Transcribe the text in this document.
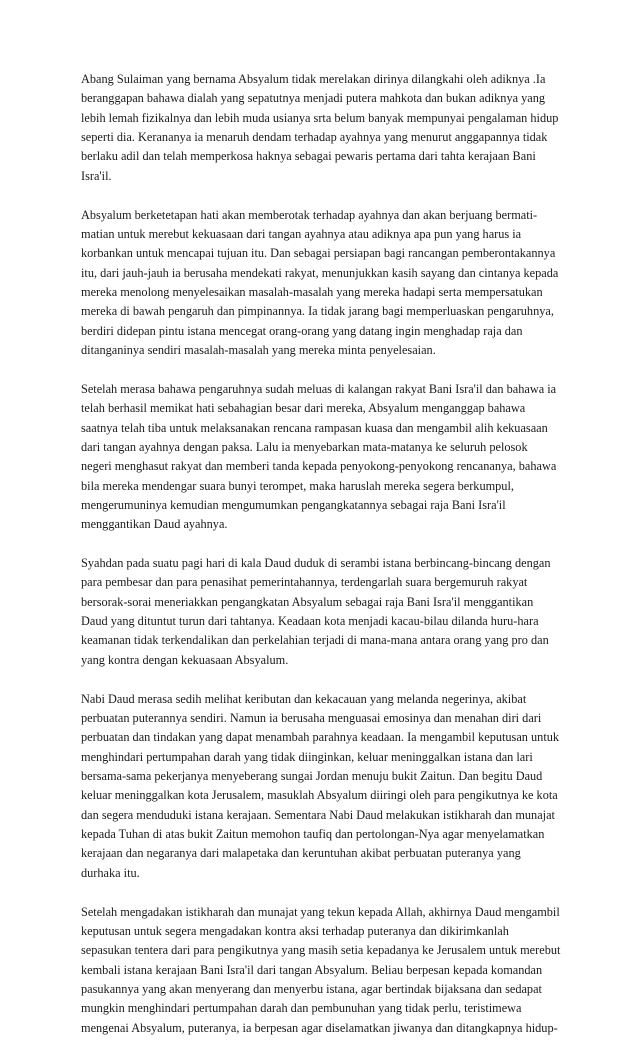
Abang Sulaiman yang bernama Absyalum tidak merelakan dirinya dilangkahi oleh adiknya .Ia
beranggapan bahawa dialah yang sepatutnya menjadi putera mahkota dan bukan adiknya yang
lebih lemah fizikalnya dan lebih muda usianya srta belum banyak mempunyai pengalaman hidup
seperti dia. Kerananya ia menaruh dendam terhadap ayahnya yang menurut anggapannya tidak
berlaku adil dan telah memperkosa haknya sebagai pewaris pertama dari tahta kerajaan Bani
Isra'il.

Absyalum berketetapan hati akan memberotak terhadap ayahnya dan akan berjuang bermati-
matian untuk merebut kekuasaan dari tangan ayahnya atau adiknya apa pun yang harus ia
korbankan untuk mencapai tujuan itu. Dan sebagai persiapan bagi rancangan pemberontakannya
itu, dari jauh-jauh ia berusaha mendekati rakyat, menunjukkan kasih sayang dan cintanya kepada
mereka menolong menyelesaikan masalah-masalah yang mereka hadapi serta mempersatukan
mereka di bawah pengaruh dan pimpinannya. Ia tidak jarang bagi memperluaskan pengaruhnya,
berdiri didepan pintu istana mencegat orang-orang yang datang ingin menghadap raja dan
ditanganinya sendiri masalah-masalah yang mereka minta penyelesaian.

Setelah merasa bahawa pengaruhnya sudah meluas di kalangan rakyat Bani Isra'il dan bahawa ia
telah berhasil memikat hati sebahagian besar dari mereka, Absyalum menganggap bahawa
saatnya telah tiba untuk melaksanakan rencana rampasan kuasa dan mengambil alih kekuasaan
dari tangan ayahnya dengan paksa. Lalu ia menyebarkan mata-matanya ke seluruh pelosok
negeri menghasut rakyat dan memberi tanda kepada penyokong-penyokong rencananya, bahawa
bila mereka mendengar suara bunyi terompet, maka haruslah mereka segera berkumpul,
mengerumuninya kemudian mengumumkan pengangkatannya sebagai raja Bani Isra'il
menggantikan Daud ayahnya.

Syahdan pada suatu pagi hari di kala Daud duduk di serambi istana berbincang-bincang dengan
para pembesar dan para penasihat pemerintahannya, terdengarlah suara bergemuruh rakyat
bersorak-sorai meneriakkan pengangkatan Absyalum sebagai raja Bani Isra'il menggantikan
Daud yang dituntut turun dari tahtanya. Keadaan kota menjadi kacau-bilau dilanda huru-hara
keamanan tidak terkendalikan dan perkelahian terjadi di mana-mana antara orang yang pro dan
yang kontra dengan kekuasaan Absyalum.

Nabi Daud merasa sedih melihat keributan dan kekacauan yang melanda negerinya, akibat
perbuatan puterannya sendiri. Namun ia berusaha menguasai emosinya dan menahan diri dari
perbuatan dan tindakan yang dapat menambah parahnya keadaan. Ia mengambil keputusan untuk
menghindari pertumpahan darah yang tidak diinginkan, keluar meninggalkan istana dan lari
bersama-sama pekerjanya menyeberang sungai Jordan menuju bukit Zaitun. Dan begitu Daud
keluar meninggalkan kota Jerusalem, masuklah Absyalum diiringi oleh para pengikutnya ke kota
dan segera menduduki istana kerajaan. Sementara Nabi Daud melakukan istikharah dan munajat
kepada Tuhan di atas bukit Zaitun memohon taufiq dan pertolongan-Nya agar menyelamatkan
kerajaan dan negaranya dari malapetaka dan keruntuhan akibat perbuatan puteranya yang
durhaka itu.

Setelah mengadakan istikharah dan munajat yang tekun kepada Allah, akhirnya Daud mengambil
keputusan untuk segera mengadakan kontra aksi terhadap puteranya dan dikirimkanlah
sepasukan tentera dari para pengikutnya yang masih setia kepadanya ke Jerusalem untuk merebut
kembali istana kerajaan Bani Isra'il dari tangan Absyalum. Beliau berpesan kepada komandan
pasukannya yang akan menyerang dan menyerbu istana, agar bertindak bijaksana dan sedapat
mungkin menghindari pertumpahan darah dan pembunuhan yang tidak perlu, teristimewa
mengenai Absyalum, puteranya, ia berpesan agar diselamatkan jiwanya dan ditangkapnya hidup-
